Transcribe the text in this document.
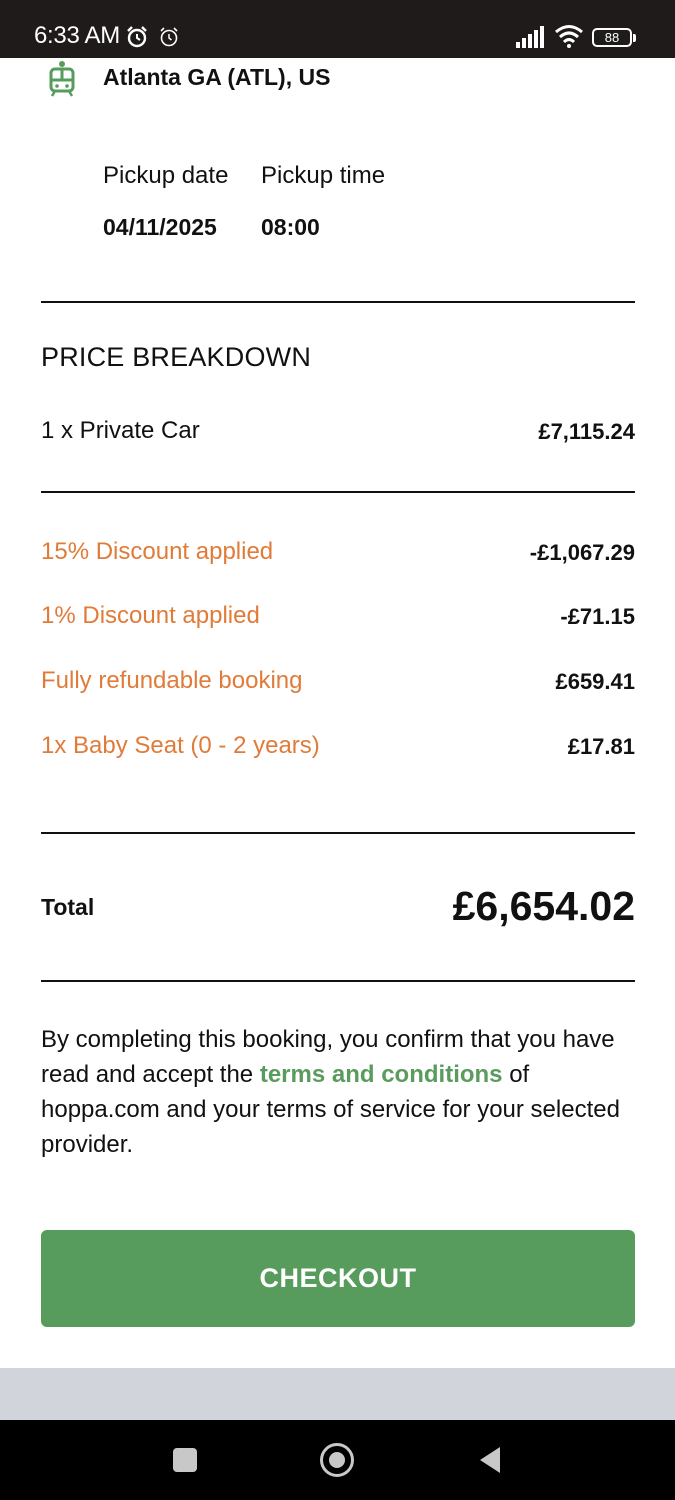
6:33 AM	88
Atlanta GA (ATL), US
Pickup date Pickup time
04/11/2025 08:00
PRICE BREAKDOWN
1 x Private Car	£7,115.24
15% Discount applied	-£1,067.29
1% Discount applied	-£71.15
Fully refundable booking	£659.41
1x Baby Seat (0 - 2 years)	£17.81
Total	£6,654.02

By completing this booking, you confirm that you have read and accept the terms and conditions of hoppa.com and your terms of service for your selected provider.

CHECKOUT
